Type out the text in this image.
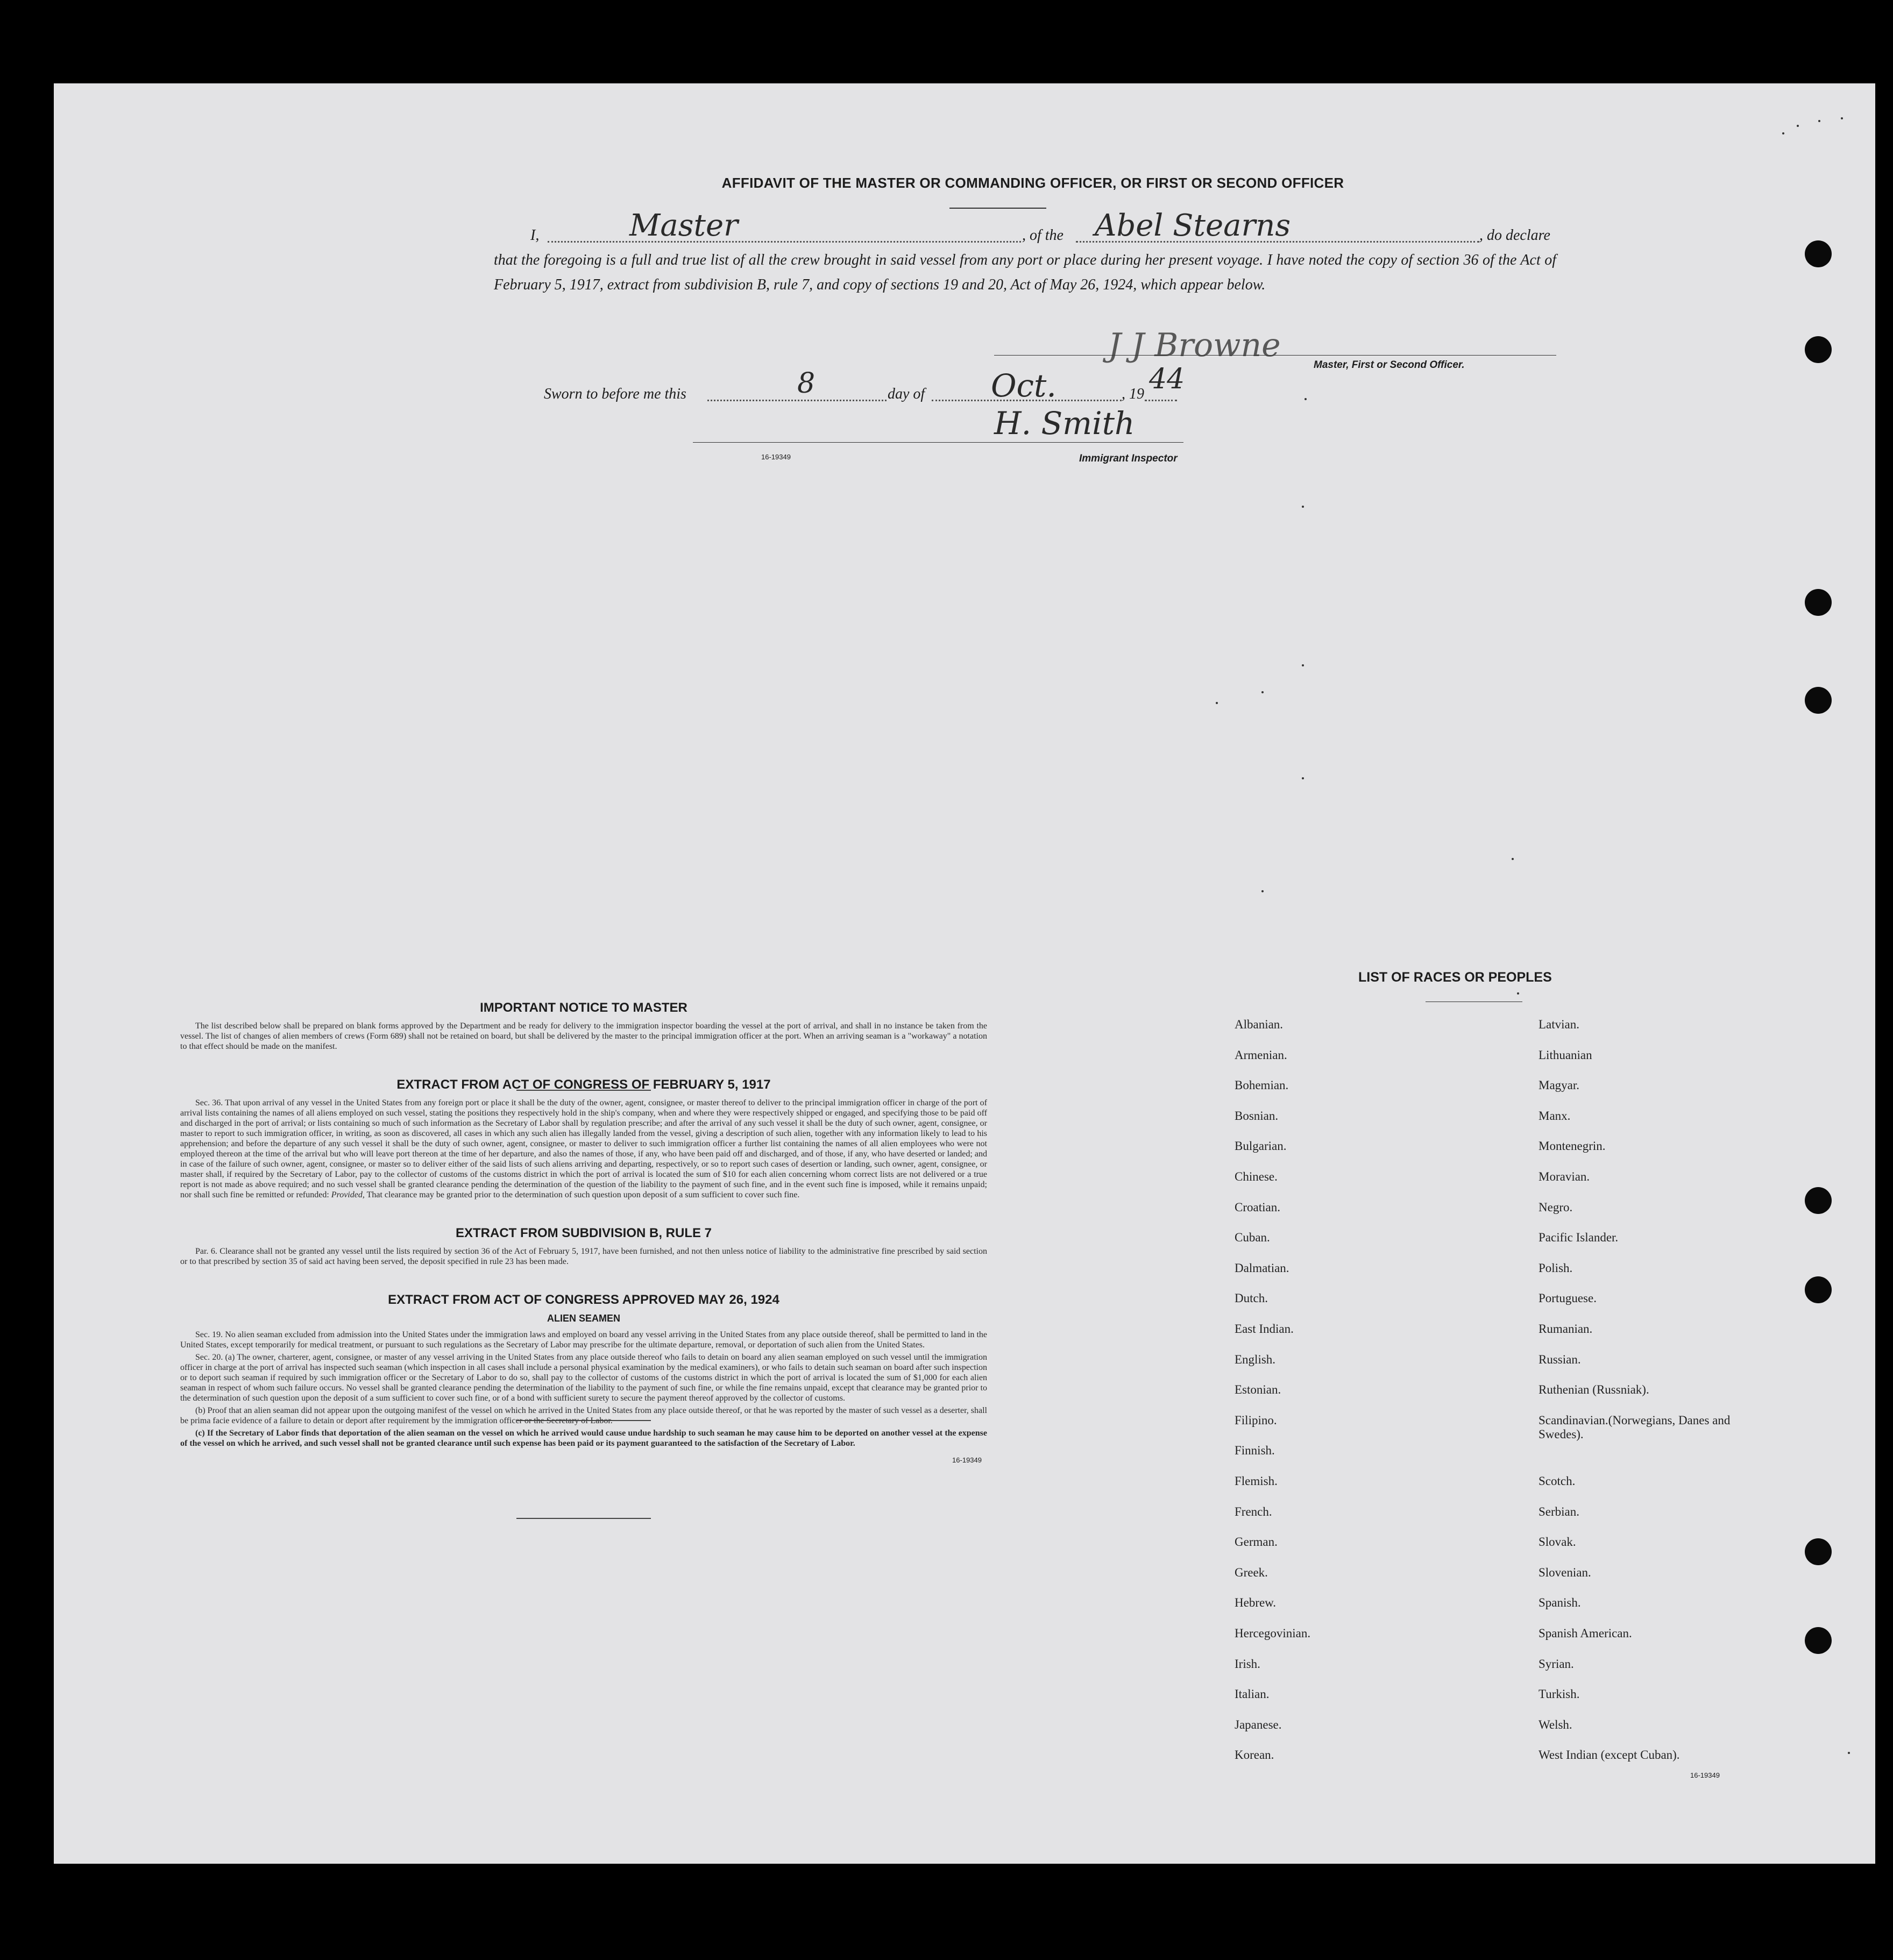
AFFIDAVIT OF THE MASTER OR COMMANDING OFFICER, OR FIRST OR SECOND OFFICER
I,	Master	, of the Abel Stearns	, do declare
that the foregoing is a full and true list of all the crew brought in said vessel from any port or place during her present voyage. I have noted the copy of section 36 of the Act of February 5, 1917, extract from subdivision B, rule 7, and copy of sections 19 and 20, Act of May 26, 1924, which appear below.
J J Browne
Master, First or Second Officer.
Sworn to before me this	8	day of Oct.	, 19 44
H. Smith
16-19349	Immigrant Inspector
IMPORTANT NOTICE TO MASTER

The list described below shall be prepared on blank forms approved by the Department and be ready for delivery to the immigration inspector boarding the vessel at the port of arrival, and shall in no instance be taken from the vessel. The list of changes of alien members of crews (Form 689) shall not be retained on board, but shall be delivered by the master to the principal immigration officer at the port. When an arriving seaman is a "workaway" a notation to that effect should be made on the manifest.

EXTRACT FROM ACT OF CONGRESS OF FEBRUARY 5, 1917

Sec. 36. That upon arrival of any vessel in the United States from any foreign port or place it shall be the duty of the owner, agent, consignee, or master thereof to deliver to the principal immigration officer in charge of the port of arrival lists containing the names of all aliens employed on such vessel, stating the positions they respectively hold in the ship's company, when and where they were respectively shipped or engaged, and specifying those to be paid off and discharged in the port of arrival; or lists containing so much of such information as the Secretary of Labor shall by regulation prescribe; and after the arrival of any such vessel it shall be the duty of such owner, agent, consignee, or master to report to such immigration officer, in writing, as soon as discovered, all cases in which any such alien has illegally landed from the vessel, giving a description of such alien, together with any information likely to lead to his apprehension; and before the departure of any such vessel it shall be the duty of such owner, agent, consignee, or master to deliver to such immigration officer a further list containing the names of all alien employees who were not employed thereon at the time of the arrival but who will leave port thereon at the time of her departure, and also the names of those, if any, who have been paid off and discharged, and of those, if any, who have deserted or landed; and in case of the failure of such owner, agent, consignee, or master so to deliver either of the said lists of such aliens arriving and departing, respectively, or so to report such cases of desertion or landing, such owner, agent, consignee, or master shall, if required by the Secretary of Labor, pay to the collector of customs of the customs district in which the port of arrival is located the sum of $10 for each alien concerning whom correct lists are not delivered or a true report is not made as above required; and no such vessel shall be granted clearance pending the determination of the question of the liability to the payment of such fine, and in the event such fine is imposed, while it remains unpaid; nor shall such fine be remitted or refunded: Provided, That clearance may be granted prior to the determination of such question upon deposit of a sum sufficient to cover such fine.

EXTRACT FROM SUBDIVISION B, RULE 7

Par. 6. Clearance shall not be granted any vessel until the lists required by section 36 of the Act of February 5, 1917, have been furnished, and not then unless notice of liability to the administrative fine prescribed by said section or to that prescribed by section 35 of said act having been served, the deposit specified in rule 23 has been made.

EXTRACT FROM ACT OF CONGRESS APPROVED MAY 26, 1924
ALIEN SEAMEN

Sec. 19. No alien seaman excluded from admission into the United States under the immigration laws and employed on board any vessel arriving in the United States from any place outside thereof, shall be permitted to land in the United States, except temporarily for medical treatment, or pursuant to such regulations as the Secretary of Labor may prescribe for the ultimate departure, removal, or deportation of such alien from the United States.

Sec. 20. (a) The owner, charterer, agent, consignee, or master of any vessel arriving in the United States from any place outside thereof who fails to detain on board any alien seaman employed on such vessel until the immigration officer in charge at the port of arrival has inspected such seaman (which inspection in all cases shall include a personal physical examination by the medical examiners), or who fails to detain such seaman on board after such inspection or to deport such seaman if required by such immigration officer or the Secretary of Labor to do so, shall pay to the collector of customs of the customs district in which the port of arrival is located the sum of $1,000 for each alien seaman in respect of whom such failure occurs. No vessel shall be granted clearance pending the determination of the liability to the payment of such fine, or while the fine remains unpaid, except that clearance may be granted prior to the determination of such question upon the deposit of a sum sufficient to cover such fine, or of a bond with sufficient surety to secure the payment thereof approved by the collector of customs.

(b) Proof that an alien seaman did not appear upon the outgoing manifest of the vessel on which he arrived in the United States from any place outside thereof, or that he was reported by the master of such vessel as a deserter, shall be prima facie evidence of a failure to detain or deport after requirement by the immigration officer or the Secretary of Labor.

(c) If the Secretary of Labor finds that deportation of the alien seaman on the vessel on which he arrived would cause undue hardship to such seaman he may cause him to be deported on another vessel at the expense of the vessel on which he arrived, and such vessel shall not be granted clearance until such expense has been paid or its payment guaranteed to the satisfaction of the Secretary of Labor.

16-19349
LIST OF RACES OR PEOPLES
16-19349
Albanian.
Armenian.
Bohemian.
Bosnian.
Bulgarian.
Chinese.
Croatian.
Cuban.
Dalmatian.
Dutch.
East Indian.
English.
Estonian.
Filipino.
Finnish.
Flemish.
French.
German.
Greek.
Hebrew.
Hercegovinian.
Irish.
Italian.
Japanese.
Korean.
Latvian.
Lithuanian
Magyar.
Manx.
Montenegrin.
Moravian.
Negro.
Pacific Islander.
Polish.
Portuguese.
Rumanian.
Russian.
Ruthenian (Russniak).
Scandinavian.(Norwegians, Danes and Swedes).
Scotch.
Serbian.
Slovak.
Slovenian.
Spanish.
Spanish American.
Syrian.
Turkish.
Welsh.
West Indian (except Cuban).
